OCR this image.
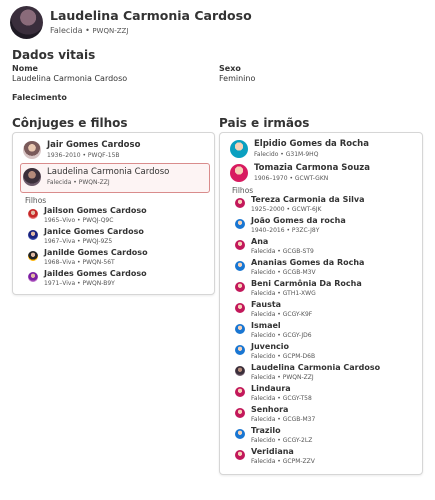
Laudelina Carmonia Cardoso
Falecida • PWQN-ZZJ
Dados vitais
Nome
Laudelina Carmonia Cardoso
Sexo
Feminino
Falecimento
Cônjuges e filhos
Jair Gomes Cardoso
1936–2010 • PWQF-15B
Laudelina Carmonia Cardoso
Falecida • PWQN-ZZJ
Filhos
Jailson Gomes Cardoso
1965–Vivo • PWQJ-Q9C
Janice Gomes Cardoso
1967–Viva • PWQJ-9Z5
Janilde Gomes Cardoso
1968–Viva • PWQN-56T
Jaildes Gomes Cardoso
1971–Viva • PWQN-B9Y
Pais e irmãos
Elpidio Gomes da Rocha
Falecido • G31M-9HQ
Tomazia Carmona Souza
1906–1970 • GCWT-GKN
Filhos
Tereza Carmonia da Silva
1925–2000 • GCWT-6JK
João Gomes da rocha
1940–2016 • P3ZC-J8Y
Ana
Falecida • GCGB-ST9
Ananias Gomes da Rocha
Falecido • GCGB-M3V
Beni Carmônia Da Rocha
Falecida • GTH1-XWG
Fausta
Falecida • GCGY-K9F
Ismael
Falecido • GCGY-JD6
Juvencio
Falecido • GCPM-D6B
Laudelina Carmonia Cardoso
Falecida • PWQN-ZZJ
Lindaura
Falecida • GCGY-T58
Senhora
Falecida • GCGB-M37
Trazilo
Falecido • GCGY-2LZ
Veridiana
Falecida • GCPM-ZZV
